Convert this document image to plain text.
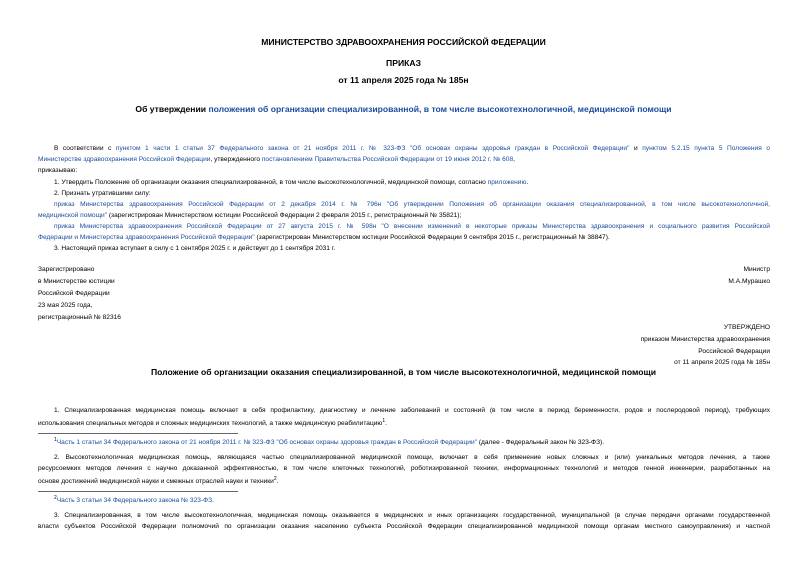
МИНИСТЕРСТВО ЗДРАВООХРАНЕНИЯ РОССИЙСКОЙ ФЕДЕРАЦИИ
ПРИКАЗ
от 11 апреля 2025 года № 185н
Об утверждении положения об организации специализированной, в том числе высокотехнологичной, медицинской помощи
В соответствии с пунктом 1 части 1 статьи 37 Федерального закона от 21 ноября 2011 г. № 323-ФЗ "Об основах охраны здоровья граждан в Российской Федерации" и пунктом 5.2.15 пункта 5 Положения о
Министерстве здравоохранения Российской Федерации, утвержденного постановлением Правительства Российской Федерации от 19 июня 2012 г. № 608,
приказываю:
1. Утвердить Положение об организации оказания специализированной, в том числе высокотехнологичной, медицинской помощи, согласно приложению.
2. Признать утратившими силу:
приказ Министерства здравоохранения Российской Федерации от 2 декабря 2014 г. № 796н "Об утверждении Положения об организации оказания специализированной, в том числе высокотехнологичной,
медицинской помощи" (зарегистрирован Министерством юстиции Российской Федерации 2 февраля 2015 г., регистрационный № 35821);
приказ Министерства здравоохранения Российской Федерации от 27 августа 2015 г. № 598н "О внесении изменений в некоторые приказы Министерства здравоохранения и социального развития Российской
Федерации и Министерства здравоохранения Российской Федерации" (зарегистрирован Министерством юстиции Российской Федерации 9 сентября 2015 г., регистрационный № 38847).
3. Настоящий приказ вступает в силу с 1 сентября 2025 г. и действует до 1 сентября 2031 г.
Министр
М.А.Мурашко
Зарегистрировано
в Министерстве юстиции
Российской Федерации
23 мая 2025 года,
регистрационный № 82316
УТВЕРЖДЕНО
приказом Министерства здравоохранения
Российской Федерации
от 11 апреля 2025 года № 185н
Положение об организации оказания специализированной, в том числе высокотехнологичной, медицинской помощи
1. Специализированная медицинская помощь включает в себя профилактику, диагностику и лечение заболеваний и состояний (в том числе в период беременности, родов и послеродовой период), требующих
использования специальных методов и сложных медицинских технологий, а также медицинскую реабилитацию$^1$.
$^1$Часть 1 статьи 34 Федерального закона от 21 ноября 2011 г. № 323-ФЗ "Об основах охраны здоровья граждан в Российской Федерации" (далее - Федеральный закон № 323-ФЗ).
2. Высокотехнологичная медицинская помощь, являющаяся частью специализированной медицинской помощи, включает в себя применение новых сложных и (или) уникальных методов лечения, а также
ресурсоемких методов лечения с научно доказанной эффективностью, в том числе клеточных технологий, роботизированной техники, информационных технологий и методов генной инженерии, разработанных на
основе достижений медицинской науки и смежных отраслей науки и техники$^2$.
$^2$Часть 3 статьи 34 Федерального закона № 323-ФЗ.
3. Специализированная, в том числе высокотехнологичная, медицинская помощь оказывается в медицинских и иных организациях государственной, муниципальной (в случае передачи органами государственной
власти субъектов Российской Федерации полномочий по организации оказания населению субъекта Российской Федерации специализированной медицинской помощи органам местного самоуправления) и частной
